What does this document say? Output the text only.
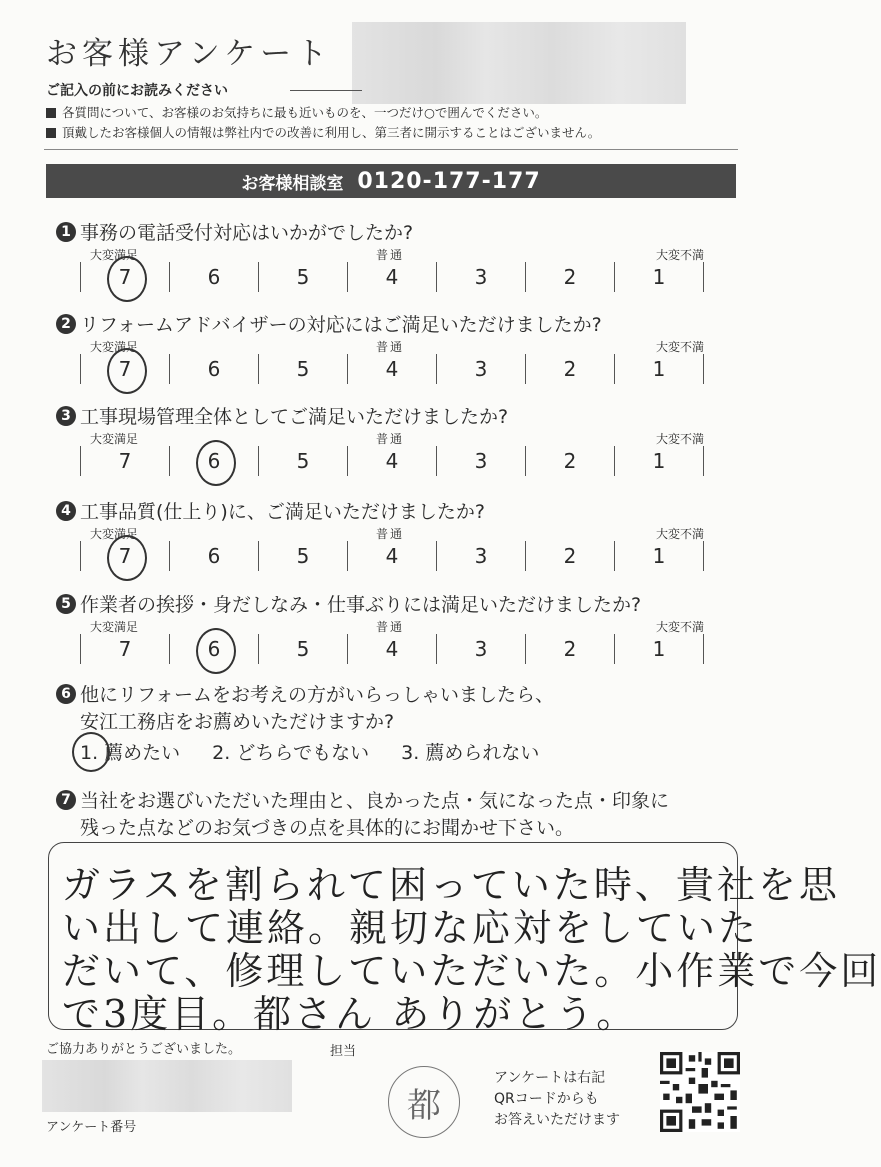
お客様アンケート
ご記入の前にお読みください
各質問について、お客様のお気持ちに最も近いものを、一つだけ○で囲んでください。
頂戴したお客様個人の情報は弊社内での改善に利用し、第三者に開示することはございません。
お客様相談室 0120-177-177
1 事務の電話受付対応はいかがでしたか?
大変満足	普通	大変不満
7	6	5	4	3	2	1
2 リフォームアドバイザーの対応にはご満足いただけましたか?
大変満足	普通	大変不満
7	6	5	4	3	2	1
3 工事現場管理全体としてご満足いただけましたか?
大変満足	普通	大変不満
7	6	5	4	3	2	1
4 工事品質(仕上り)に、ご満足いただけましたか?
大変満足	普通	大変不満
7	6	5	4	3	2	1
5 作業者の挨拶・身だしなみ・仕事ぶりには満足いただけましたか?
大変満足	普通	大変不満
7	6	5	4	3	2	1
6 他にリフォームをお考えの方がいらっしゃいましたら、
安江工務店をお薦めいただけますか?
1. 薦めたい 2. どちらでもない 3. 薦められない
7 当社をお選びいただいた理由と、良かった点・気になった点・印象に
残った点などのお気づきの点を具体的にお聞かせ下さい。
ガラスを割られて困っていた時、貴社を思
い出して連絡。親切な応対をしていた
だいて、修理していただいた。小作業で今回
で3度目。都さん ありがとう。
ご協力ありがとうございました。	担当
アンケート番号
都
アンケートは右記
QRコードからも
お答えいただけます
